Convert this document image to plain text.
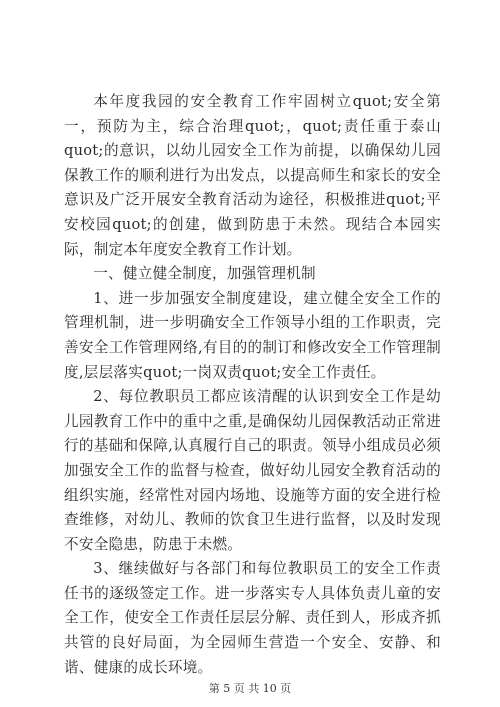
本年度我园的安全教育工作牢固树立quot;安全第一，预防为主，综合治理quot;，quot;责任重于泰山quot;的意识，以幼儿园安全工作为前提，以确保幼儿园保教工作的顺利进行为出发点，以提高师生和家长的安全意识及广泛开展安全教育活动为途径，积极推进quot;平安校园quot;的创建，做到防患于未然。现结合本园实际，制定本年度安全教育工作计划。

一、健立健全制度，加强管理机制

1、进一步加强安全制度建设，建立健全安全工作的管理机制，进一步明确安全工作领导小组的工作职责，完善安全工作管理网络,有目的的制订和修改安全工作管理制度,层层落实quot;一岗双责quot;安全工作责任。

2、每位教职员工都应该清醒的认识到安全工作是幼儿园教育工作中的重中之重,是确保幼儿园保教活动正常进行的基础和保障,认真履行自己的职责。领导小组成员必须加强安全工作的监督与检查，做好幼儿园安全教育活动的组织实施，经常性对园内场地、设施等方面的安全进行检查维修，对幼儿、教师的饮食卫生进行监督，以及时发现不安全隐患，防患于未燃。

3、继续做好与各部门和每位教职员工的安全工作责任书的逐级签定工作。进一步落实专人具体负责儿童的安全工作，使安全工作责任层层分解、责任到人，形成齐抓共管的良好局面，为全园师生营造一个安全、安静、和谐、健康的成长环境。

第 5 页 共 10 页
